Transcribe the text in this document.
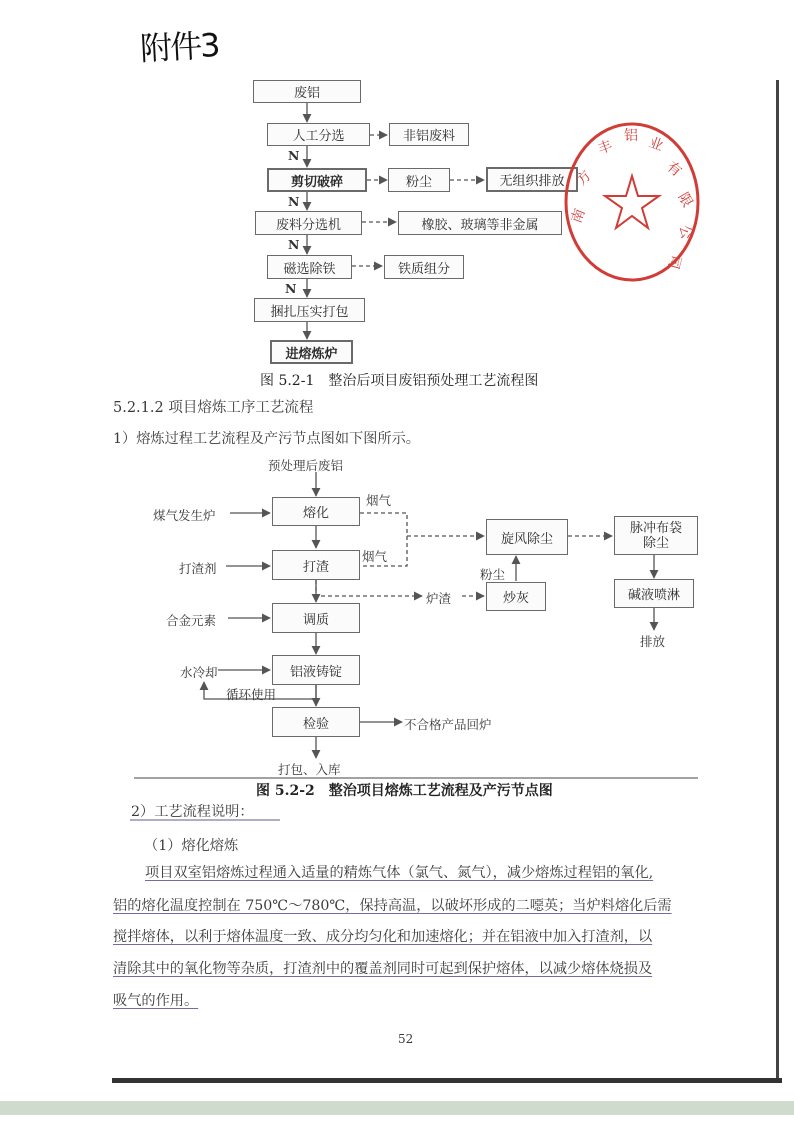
附件3
废铝
人工分选	非铝废料
N
剪切破碎	粉尘	无组织排放
N
废料分选机	橡胶、玻璃等非金属
N
磁选除铁	铁质组分
N
捆扎压实打包
进熔炼炉
图 5.2-1　整治后项目废铝预处理工艺流程图
南
方
丰
铝 业
有
限
公
司
5.2.1.2 项目熔炼工序工艺流程
1）熔炼过程工艺流程及产污节点图如下图所示。
预处理后废铝
煤气发生炉	熔化
烟气
打渣剂	打渣
烟气
旋风除尘
脉冲布袋除尘
粉尘
炉渣	炒灰	碱液喷淋
排放
合金元素	调质
水冷却	铝液铸锭
循环使用
检验	不合格产品回炉
打包、入库
图 5.2-2　整治项目熔炼工艺流程及产污节点图
2）工艺流程说明：
（1）熔化熔炼
项目双室铝熔炼过程通入适量的精炼气体（氯气、氮气），减少熔炼过程铝的氧化,
铝的熔化温度控制在 750℃～780℃，保持高温，以破坏形成的二噁英；当炉料熔化后需
搅拌熔体，以利于熔体温度一致、成分均匀化和加速熔化；并在铝液中加入打渣剂，以
清除其中的氧化物等杂质，打渣剂中的覆盖剂同时可起到保护熔体，以减少熔体烧损及
吸气的作用。
52
